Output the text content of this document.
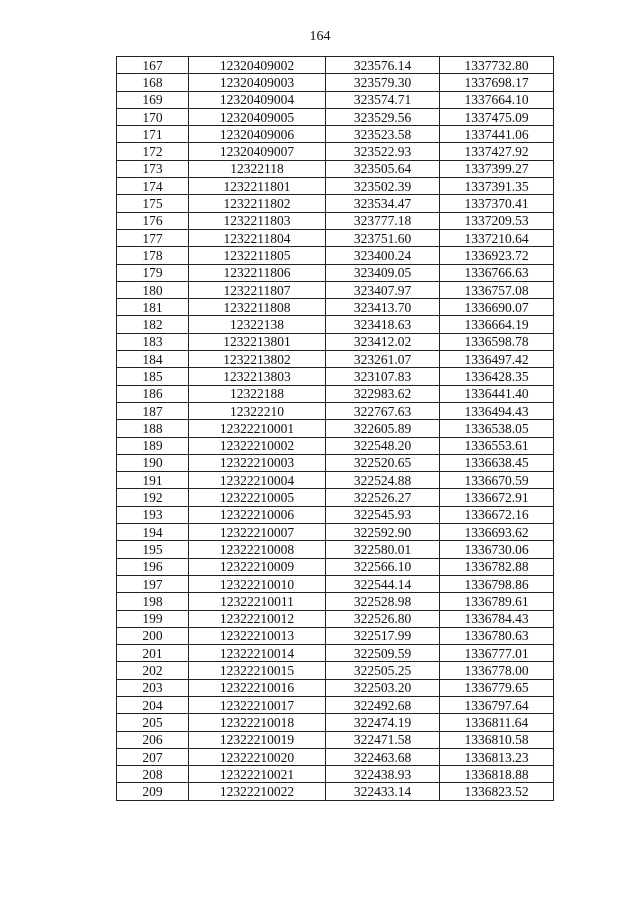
164
167	12320409002	323576.14	1337732.80
168	12320409003	323579.30	1337698.17
169	12320409004	323574.71	1337664.10
170	12320409005	323529.56	1337475.09
171	12320409006	323523.58	1337441.06
172	12320409007	323522.93	1337427.92
173	12322118	323505.64	1337399.27
174	1232211801	323502.39	1337391.35
175	1232211802	323534.47	1337370.41
176	1232211803	323777.18	1337209.53
177	1232211804	323751.60	1337210.64
178	1232211805	323400.24	1336923.72
179	1232211806	323409.05	1336766.63
180	1232211807	323407.97	1336757.08
181	1232211808	323413.70	1336690.07
182	12322138	323418.63	1336664.19
183	1232213801	323412.02	1336598.78
184	1232213802	323261.07	1336497.42
185	1232213803	323107.83	1336428.35
186	12322188	322983.62	1336441.40
187	12322210	322767.63	1336494.43
188	12322210001	322605.89	1336538.05
189	12322210002	322548.20	1336553.61
190	12322210003	322520.65	1336638.45
191	12322210004	322524.88	1336670.59
192	12322210005	322526.27	1336672.91
193	12322210006	322545.93	1336672.16
194	12322210007	322592.90	1336693.62
195	12322210008	322580.01	1336730.06
196	12322210009	322566.10	1336782.88
197	12322210010	322544.14	1336798.86
198	12322210011	322528.98	1336789.61
199	12322210012	322526.80	1336784.43
200	12322210013	322517.99	1336780.63
201	12322210014	322509.59	1336777.01
202	12322210015	322505.25	1336778.00
203	12322210016	322503.20	1336779.65
204	12322210017	322492.68	1336797.64
205	12322210018	322474.19	1336811.64
206	12322210019	322471.58	1336810.58
207	12322210020	322463.68	1336813.23
208	12322210021	322438.93	1336818.88
209	12322210022	322433.14	1336823.52
